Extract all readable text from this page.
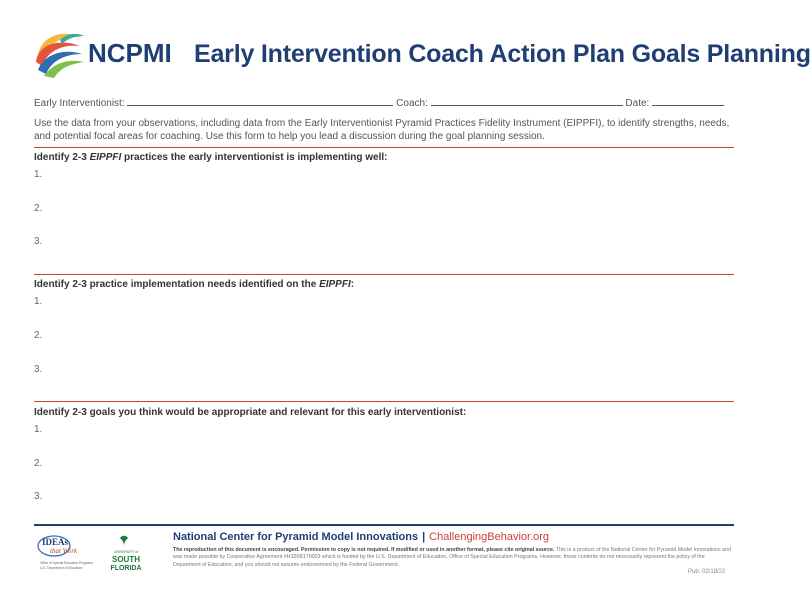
NCPMI Early Intervention Coach Action Plan Goals Planning
Early Interventionist:	Coach:	Date:
Use the data from your observations, including data from the Early Interventionist Pyramid Practices Fidelity Instrument (EIPPFI), to identify strengths, needs, and potential focal areas for coaching. Use this form to help you lead a discussion during the goal planning session.
Identify 2-3 EIPPFI practices the early interventionist is implementing well:
1.
2.
3.
Identify 2-3 practice implementation needs identified on the EIPPFI:
1.
2.
3.
Identify 2-3 goals you think would be appropriate and relevant for this early interventionist:
1.
2.
3.
IDEAs
that Work
Office of Special Education Programs
U.S. Department of Education
UNIVERSITY of
SOUTH
FLORIDA
National Center for Pyramid Model Innovations | ChallengingBehavior.org
The reproduction of this document is encouraged. Permission to copy is not required. If modified or used in another format, please cite original source. This is a product of the National Center for Pyramid Model Innovations and was made possible by Cooperative Agreement #H326B170003 which is funded by the U.S. Department of Education, Office of Special Education Programs. However, those contents do not necessarily represent the policy of the Department of Education, and you should not assume endorsement by the Federal Government.
Pub: 02/18/22
